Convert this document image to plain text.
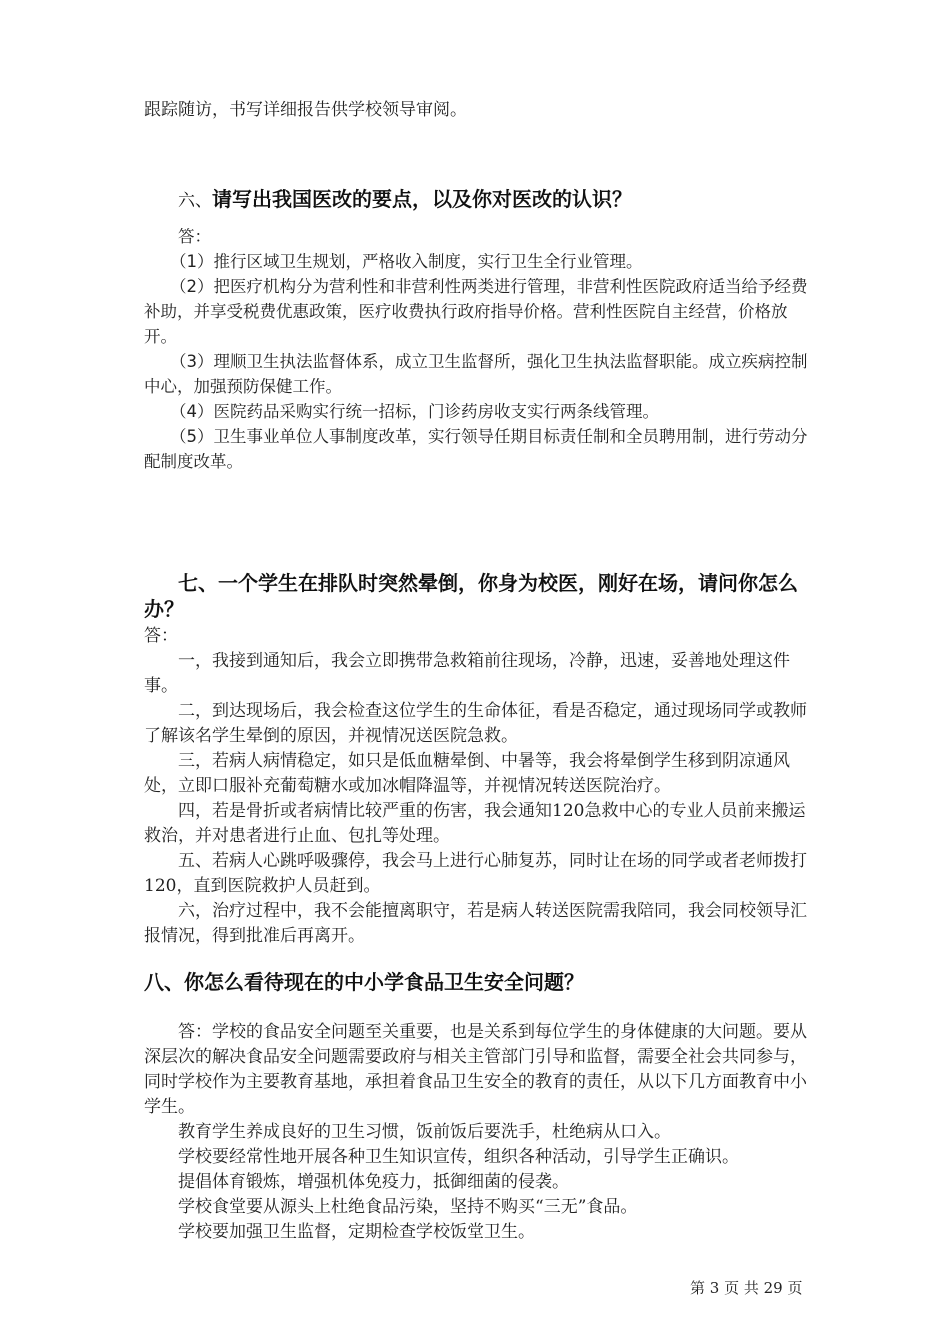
跟踪随访，书写详细报告供学校领导审阅。

六、请写出我国医改的要点，以及你对医改的认识？

答：

（1）推行区域卫生规划，严格收入制度，实行卫生全行业管理。

（2）把医疗机构分为营利性和非营利性两类进行管理，非营利性医院政府适当给予经费补助，并享受税费优惠政策，医疗收费执行政府指导价格。营利性医院自主经营，价格放开。

（3）理顺卫生执法监督体系，成立卫生监督所，强化卫生执法监督职能。成立疾病控制中心，加强预防保健工作。

（4）医院药品采购实行统一招标，门诊药房收支实行两条线管理。

（5）卫生事业单位人事制度改革，实行领导任期目标责任制和全员聘用制，进行劳动分配制度改革。

七、一个学生在排队时突然晕倒，你身为校医，刚好在场，请问你怎么办？

答：

一，我接到通知后，我会立即携带急救箱前往现场，冷静，迅速，妥善地处理这件事。

二，到达现场后，我会检查这位学生的生命体征，看是否稳定，通过现场同学或教师了解该名学生晕倒的原因，并视情况送医院急救。

三，若病人病情稳定，如只是低血糖晕倒、中暑等，我会将晕倒学生移到阴凉通风处，立即口服补充葡萄糖水或加冰帽降温等，并视情况转送医院治疗。

四，若是骨折或者病情比较严重的伤害，我会通知120急救中心的专业人员前来搬运救治，并对患者进行止血、包扎等处理。

五、若病人心跳呼吸骤停，我会马上进行心肺复苏，同时让在场的同学或者老师拨打120，直到医院救护人员赶到。

六，治疗过程中，我不会能擅离职守，若是病人转送医院需我陪同，我会同校领导汇报情况，得到批准后再离开。

八、你怎么看待现在的中小学食品卫生安全问题？

答：学校的食品安全问题至关重要，也是关系到每位学生的身体健康的大问题。要从深层次的解决食品安全问题需要政府与相关主管部门引导和监督，需要全社会共同参与，同时学校作为主要教育基地，承担着食品卫生安全的教育的责任，从以下几方面教育中小学生。

教育学生养成良好的卫生习惯，饭前饭后要洗手，杜绝病从口入。

学校要经常性地开展各种卫生知识宣传，组织各种活动，引导学生正确识。

提倡体育锻炼，增强机体免疫力，抵御细菌的侵袭。

学校食堂要从源头上杜绝食品污染，坚持不购买“三无”食品。

学校要加强卫生监督，定期检查学校饭堂卫生。

第 3 页 共 29 页
